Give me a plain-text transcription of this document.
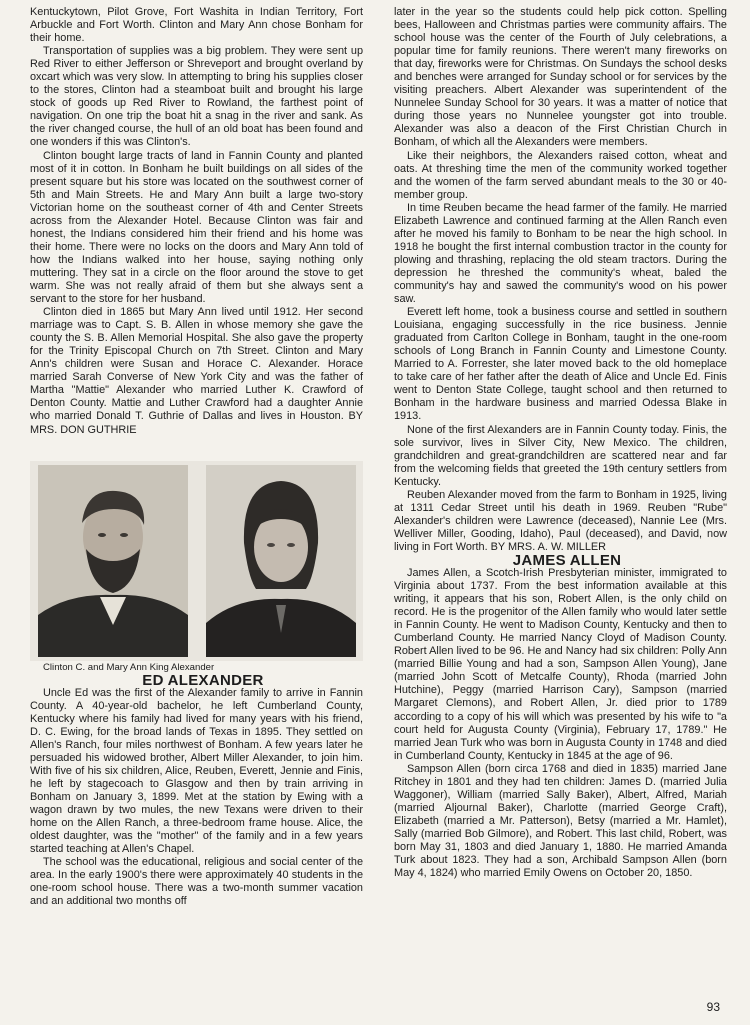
Kentuckytown, Pilot Grove, Fort Washita in Indian Territory, Fort Arbuckle and Fort Worth. Clinton and Mary Ann chose Bonham for their home.

Transportation of supplies was a big problem. They were sent up Red River to either Jefferson or Shreveport and brought overland by oxcart which was very slow. In attempting to bring his supplies closer to the stores, Clinton had a steamboat built and brought his large stock of goods up Red River to Rowland, the farthest point of navigation. On one trip the boat hit a snag in the river and sank. As the river changed course, the hull of an old boat has been found and one wonders if this was Clinton's.

Clinton bought large tracts of land in Fannin County and planted most of it in cotton. In Bonham he built buildings on all sides of the present square but his store was located on the southwest corner of 5th and Main Streets. He and Mary Ann built a large two-story Victorian home on the southeast corner of 4th and Center Streets across from the Alexander Hotel. Because Clinton was fair and honest, the Indians considered him their friend and his home was their home. There were no locks on the doors and Mary Ann told of how the Indians walked into her house, saying nothing only muttering. They sat in a circle on the floor around the stove to get warm. She was not really afraid of them but she always sent a servant to the store for her husband.

Clinton died in 1865 but Mary Ann lived until 1912. Her second marriage was to Capt. S. B. Allen in whose memory she gave the county the S. B. Allen Memorial Hospital. She also gave the property for the Trinity Episcopal Church on 7th Street. Clinton and Mary Ann's children were Susan and Horace C. Alexander. Horace married Sarah Converse of New York City and was the father of Martha "Mattie" Alexander who married Luther K. Crawford of Denton County. Mattie and Luther Crawford had a daughter Annie who married Donald T. Guthrie of Dallas and lives in Houston. BY MRS. DON GUTHRIE

Clinton C. and Mary Ann King Alexander

ED ALEXANDER

Uncle Ed was the first of the Alexander family to arrive in Fannin County. A 40-year-old bachelor, he left Cumberland County, Kentucky where his family had lived for many years with his friend, D. C. Ewing, for the broad lands of Texas in 1895. They settled on Allen's Ranch, four miles northwest of Bonham. A few years later he persuaded his widowed brother, Albert Miller Alexander, to join him. With five of his six children, Alice, Reuben, Everett, Jennie and Finis, he left by stagecoach to Glasgow and then by train arriving in Bonham on January 3, 1899. Met at the station by Ewing with a wagon drawn by two mules, the new Texans were driven to their home on the Allen Ranch, a three-bedroom frame house. Alice, the oldest daughter, was the "mother" of the family and in a few years started teaching at Allen's Chapel.

The school was the educational, religious and social center of the area. In the early 1900's there were approximately 40 students in the one-room school house. There was a two-month summer vacation and an additional two months off

later in the year so the students could help pick cotton. Spelling bees, Halloween and Christmas parties were community affairs. The school house was the center of the Fourth of July celebrations, a popular time for family reunions. There weren't many fireworks on that day, fireworks were for Christmas. On Sundays the school desks and benches were arranged for Sunday school or for services by the visiting preachers. Albert Alexander was superintendent of the Nunnelee Sunday School for 30 years. It was a matter of notice that during those years no Nunnelee youngster got into trouble. Alexander was also a deacon of the First Christian Church in Bonham, of which all the Alexanders were members.

Like their neighbors, the Alexanders raised cotton, wheat and oats. At threshing time the men of the community worked together and the women of the farm served abundant meals to the 30 or 40-member group.

In time Reuben became the head farmer of the family. He married Elizabeth Lawrence and continued farming at the Allen Ranch even after he moved his family to Bonham to be near the high school. In 1918 he bought the first internal combustion tractor in the county for plowing and thrashing, replacing the old steam tractors. During the depression he threshed the community's wheat, baled the community's hay and sawed the community's wood on his power saw.

Everett left home, took a business course and settled in southern Louisiana, engaging successfully in the rice business. Jennie graduated from Carlton College in Bonham, taught in the one-room schools of Long Branch in Fannin County and Limestone County. Married to A. Forrester, she later moved back to the old homeplace to take care of her father after the death of Alice and Uncle Ed. Finis went to Denton State College, taught school and then returned to Bonham in the hardware business and married Odessa Blake in 1913.

None of the first Alexanders are in Fannin County today. Finis, the sole survivor, lives in Silver City, New Mexico. The children, grandchildren and great-grandchildren are scattered near and far from the welcoming fields that greeted the 19th century settlers from Kentucky.

Reuben Alexander moved from the farm to Bonham in 1925, living at 1311 Cedar Street until his death in 1969. Reuben "Rube" Alexander's children were Lawrence (deceased), Nannie Lee (Mrs. Welliver Miller, Gooding, Idaho), Paul (deceased), and David, now living in Fort Worth. BY MRS. A. W. MILLER

JAMES ALLEN

James Allen, a Scotch-Irish Presbyterian minister, immigrated to Virginia about 1737. From the best information available at this writing, it appears that his son, Robert Allen, is the only child on record. He is the progenitor of the Allen family who would later settle in Fannin County. He went to Madison County, Kentucky and then to Cumberland County. He married Nancy Cloyd of Madison County. Robert Allen lived to be 96. He and Nancy had six children: Polly Ann (married Billie Young and had a son, Sampson Allen Young), Jane (married John Scott of Metcalfe County), Rhoda (married John Hutchine), Peggy (married Harrison Cary), Sampson (married Margaret Clemons), and Robert Allen, Jr. died prior to 1789 according to a copy of his will which was presented by his wife to "a court held for Augusta County (Virginia), February 17, 1789." He married Jean Turk who was born in Augusta County in 1748 and died in Cumberland County, Kentucky in 1845 at the age of 96.

Sampson Allen (born circa 1768 and died in 1835) married Jane Ritchey in 1801 and they had ten children: James D. (married Julia Waggoner), William (married Sally Baker), Albert, Alfred, Mariah (married Aljournal Baker), Charlotte (married George Craft), Elizabeth (married a Mr. Patterson), Betsy (married a Mr. Hamlet), Sally (married Bob Gilmore), and Robert. This last child, Robert, was born May 31, 1803 and died January 1, 1880. He married Amanda Turk about 1823. They had a son, Archibald Sampson Allen (born May 4, 1824) who married Emily Owens on October 20, 1850.

93
